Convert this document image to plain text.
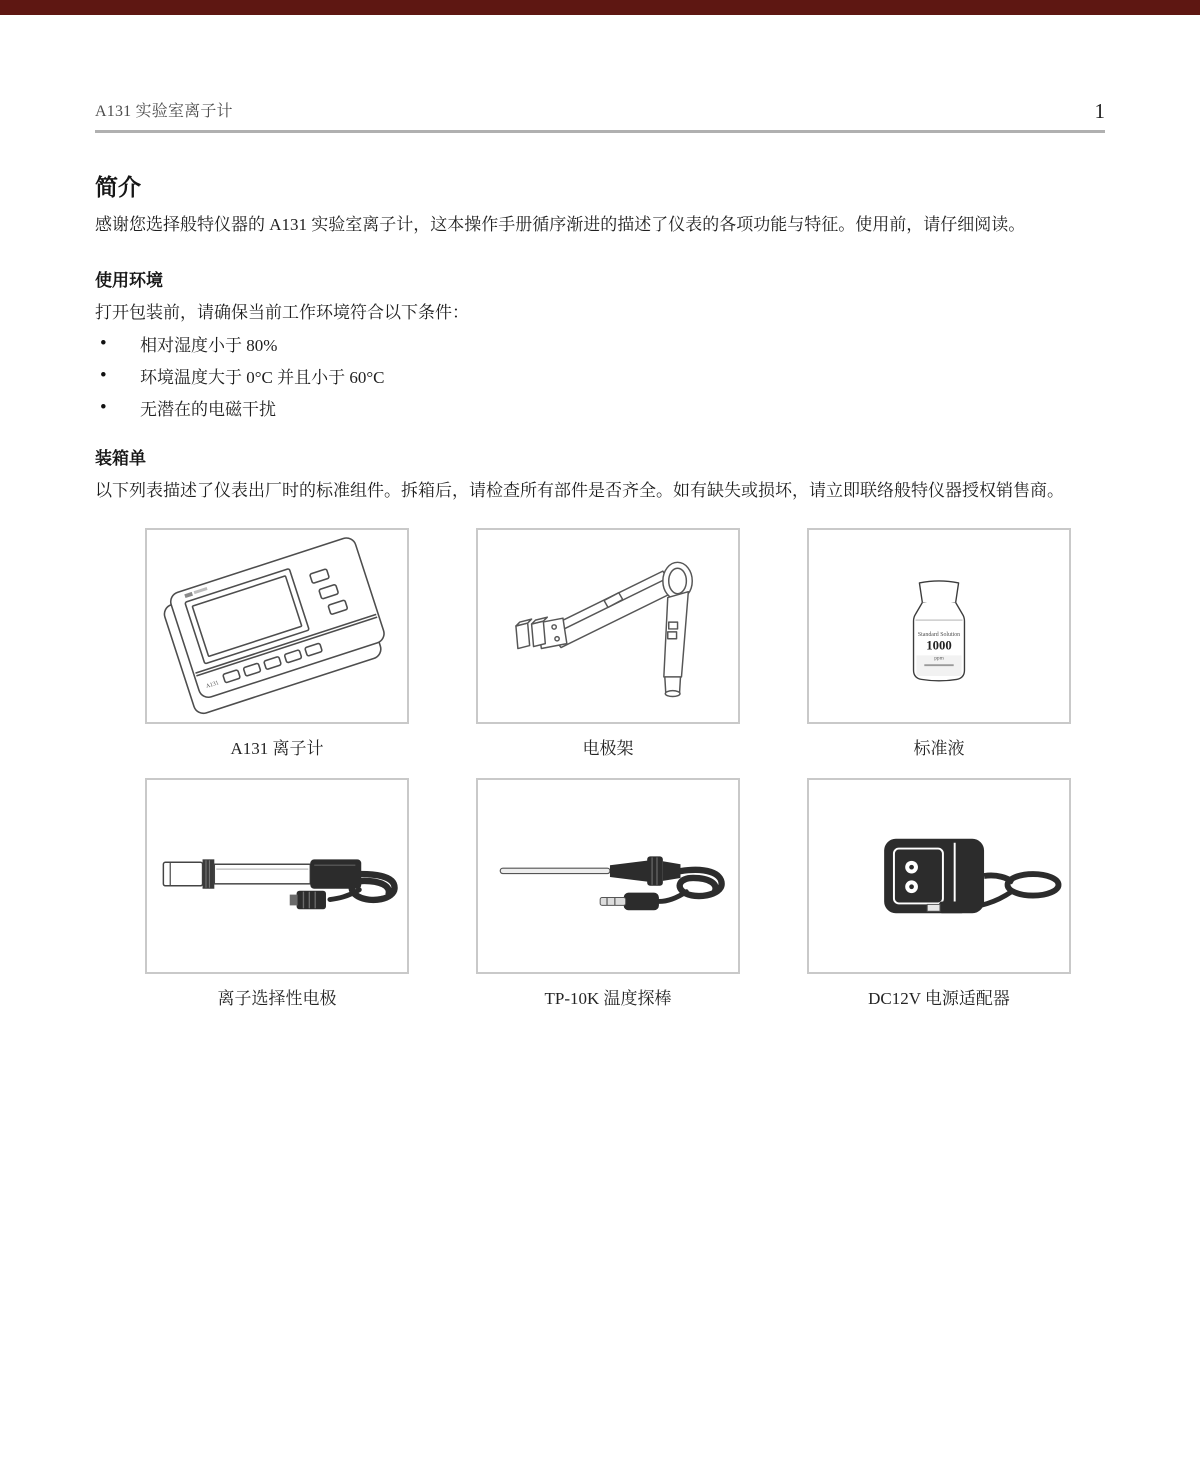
A131 实验室离子计	1
简介

感谢您选择般特仪器的 A131 实验室离子计，这本操作手册循序渐进的描述了仪表的各项功能与特征。使用前，请仔细阅读。

使用环境

打开包装前，请确保当前工作环境符合以下条件：

•	相对湿度小于 80%
•	环境温度大于 0°C 并且小于 60°C
•	无潜在的电磁干扰
装箱单

以下列表描述了仪表出厂时的标准组件。拆箱后，请检查所有部件是否齐全。如有缺失或损坏，请立即联络般特仪器授权销售商。

A131
A131 离子计	电极架
Standard Solution
1000
ppm
标准液
离子选择性电极	TP-10K 温度探棒	DC12V 电源适配器
